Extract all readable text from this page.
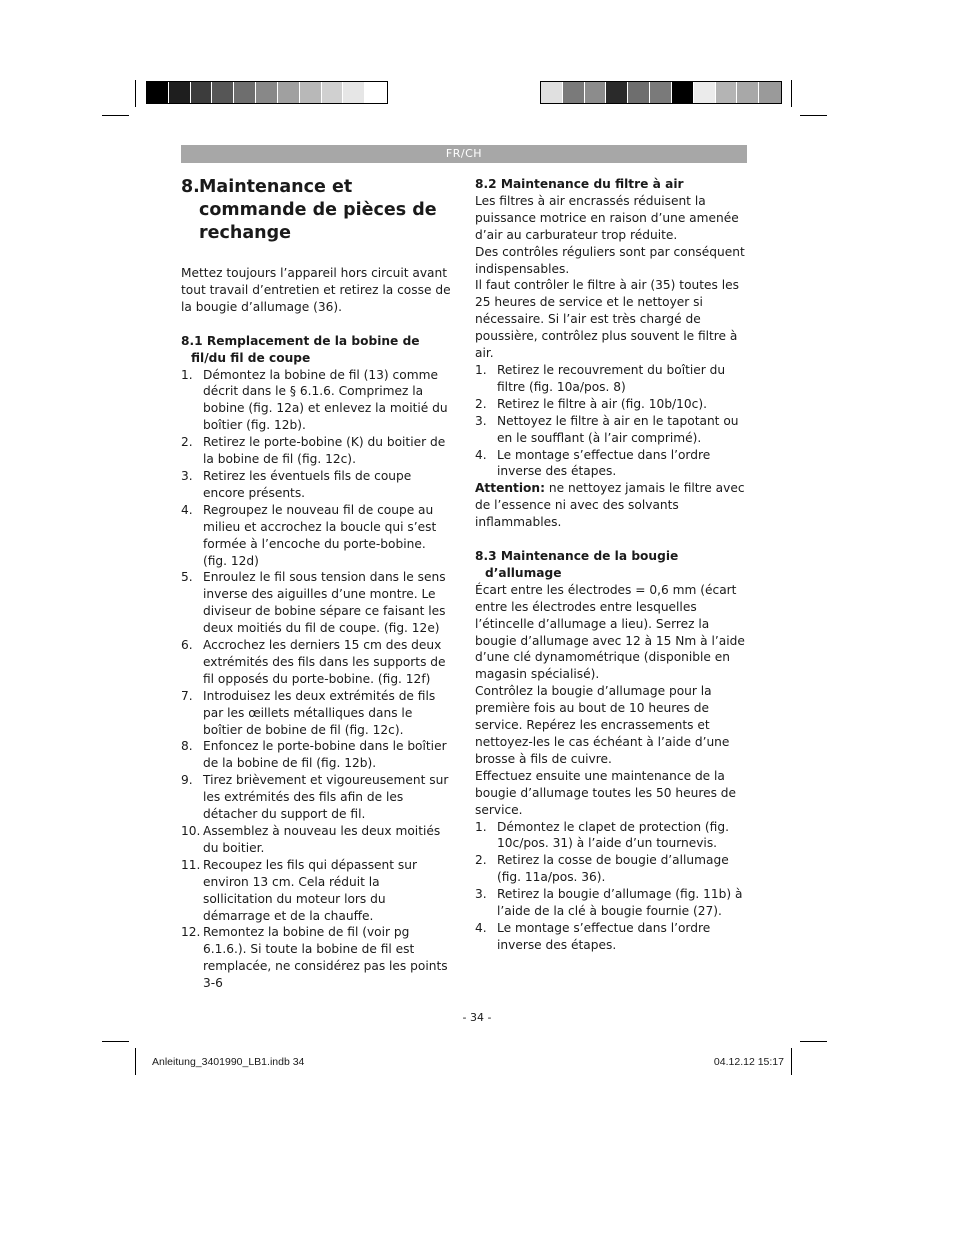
FR/CH
8.Maintenance et commande de pièces de rechange

Mettez toujours l’appareil hors circuit avant tout travail d’entretien et retirez la cosse de la bougie d’allumage (36).

8.1 Remplacement de la bobine de fil/du fil de coupe

1. Démontez la bobine de fil (13) comme décrit dans le § 6.1.6. Comprimez la bobine (fig. 12a) et enlevez la moitié du boîtier (fig. 12b).
2. Retirez le porte-bobine (K) du boitier de la bobine de fil (fig. 12c).
3. Retirez les éventuels fils de coupe encore présents.
4. Regroupez le nouveau fil de coupe au milieu et accrochez la boucle qui s’est formée à l’encoche du porte-bobine. (fig. 12d)
5. Enroulez le fil sous tension dans le sens inverse des aiguilles d’une montre. Le diviseur de bobine sépare ce faisant les deux moitiés du fil de coupe. (fig. 12e)
6. Accrochez les derniers 15 cm des deux extrémités des fils dans les supports de fil opposés du porte-bobine. (fig. 12f)
7. Introduisez les deux extrémités de fils par les œillets métalliques dans le boîtier de bobine de fil (fig. 12c).
8. Enfoncez le porte-bobine dans le boîtier de la bobine de fil (fig. 12b).
9. Tirez brièvement et vigoureusement sur les extrémités des fils afin de les détacher du support de fil.
10. Assemblez à nouveau les deux moitiés du boitier.
11. Recoupez les fils qui dépassent sur environ 13 cm. Cela réduit la sollicitation du moteur lors du démarrage et de la chauffe.
12. Remontez la bobine de fil (voir pg 6.1.6.). Si toute la bobine de fil est remplacée, ne considérez pas les points 3-6

8.2 Maintenance du filtre à air

Les filtres à air encrassés réduisent la puissance motrice en raison d’une amenée d’air au carburateur trop réduite.

Des contrôles réguliers sont par conséquent indispensables.

Il faut contrôler le filtre à air (35) toutes les 25 heures de service et le nettoyer si nécessaire. Si l’air est très chargé de poussière, contrôlez plus souvent le filtre à air.

1. Retirez le recouvrement du boîtier du filtre (fig. 10a/pos. 8)
2. Retirez le filtre à air (fig. 10b/10c).
3. Nettoyez le filtre à air en le tapotant ou en le soufflant (à l’air comprimé).
4. Le montage s’effectue dans l’ordre inverse des étapes.

Attention: ne nettoyez jamais le filtre avec de l’essence ni avec des solvants inflammables.

8.3 Maintenance de la bougie d’allumage

Écart entre les électrodes = 0,6 mm (écart entre les électrodes entre lesquelles l’étincelle d’allumage a lieu). Serrez la bougie d’allumage avec 12 à 15 Nm à l’aide d’une clé dynamométrique (disponible en magasin spécialisé).

Contrôlez la bougie d’allumage pour la première fois au bout de 10 heures de service. Repérez les encrassements et nettoyez-les le cas échéant à l’aide d’une brosse à fils de cuivre.

Effectuez ensuite une maintenance de la bougie d’allumage toutes les 50 heures de service.

1. Démontez le clapet de protection (fig. 10c/pos. 31) à l’aide d’un tournevis.
2. Retirez la cosse de bougie d’allumage (fig. 11a/pos. 36).
3. Retirez la bougie d’allumage (fig. 11b) à l’aide de la clé à bougie fournie (27).
4. Le montage s’effectue dans l’ordre inverse des étapes.
- 34 -
Anleitung_3401990_LB1.indb 34	04.12.12 15:17
